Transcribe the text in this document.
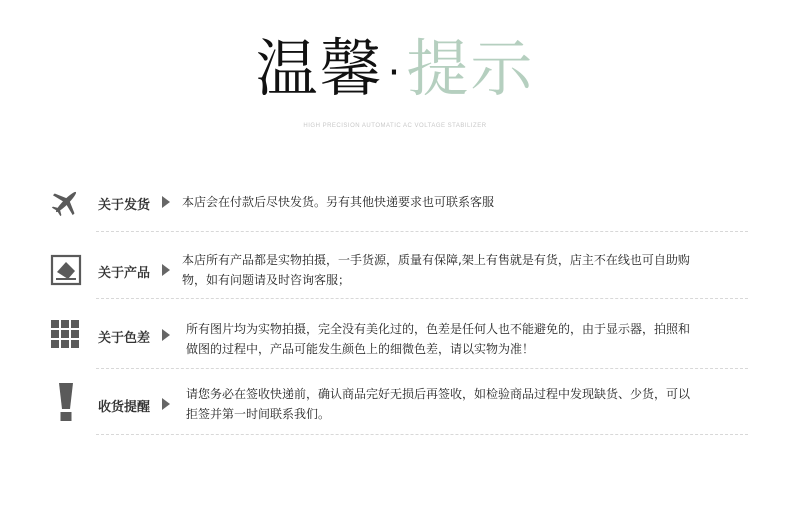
温馨 ·提示
HIGH PRECISION AUTOMATIC AC VOLTAGE STABILIZER
关于发货	本店会在付款后尽快发货。另有其他快递要求也可联系客服
关于产品
本店所有产品都是实物拍摄，一手货源，质量有保障,架上有售就是有货，店主不在线也可自助购
物，如有问题请及时咨询客服；
关于色差
所有图片均为实物拍摄，完全没有美化过的，色差是任何人也不能避免的，由于显示器，拍照和
做图的过程中，产品可能发生颜色上的细微色差，请以实物为准！
收货提醒
请您务必在签收快递前，确认商品完好无损后再签收，如检验商品过程中发现缺货、少货，可以
拒签并第一时间联系我们。
